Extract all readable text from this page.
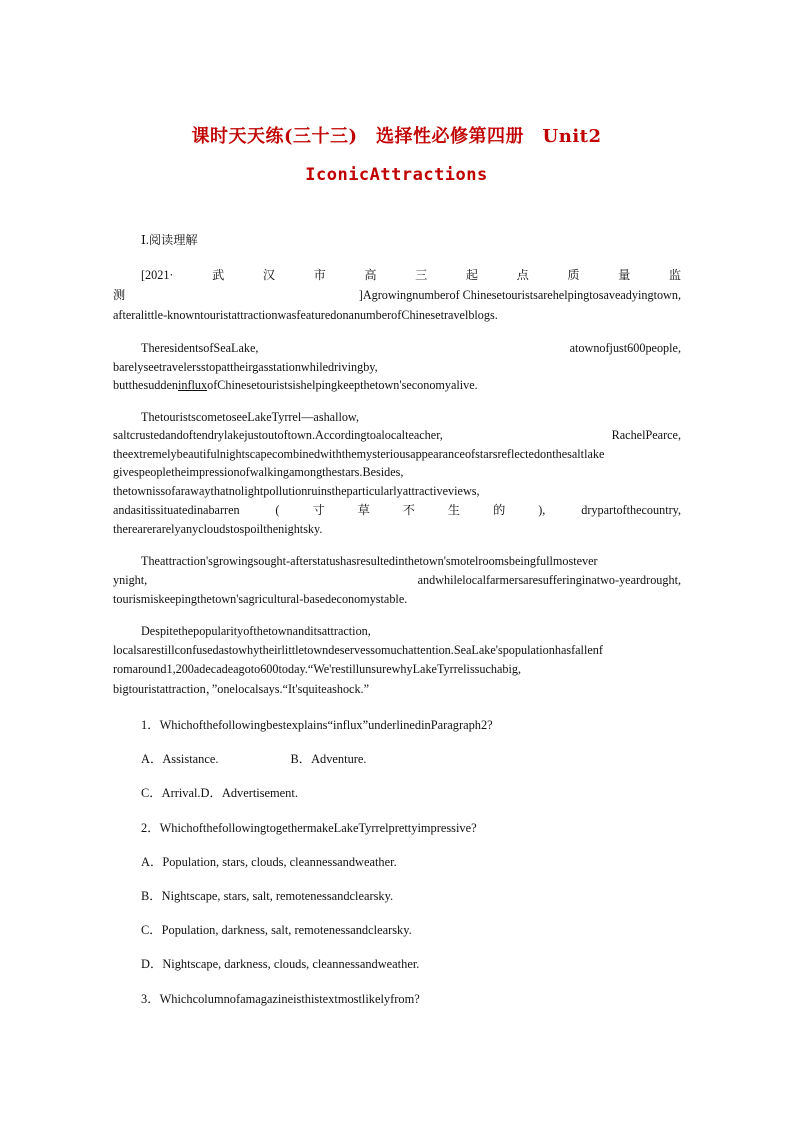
课时天天练(三十三)　选择性必修第四册　Unit2
IconicAttractions
Ⅰ.阅读理解
[2021·	武	汉	市	高	三	起	点	质	量	监
测	]Agrowingnumberof Chinesetouristsarehelpingtosaveadyingtown,
afteralittle-knowntouristattractionwasfeaturedonanumberofChinesetravelblogs.
TheresidentsofSeaLake,	atownofjust600people,
barelyseetravelersstopattheirgasstationwhiledrivingby,
butthesuddeninfluxofChinesetouristsishelpingkeepthetown'seconomyalive.
ThetouristscometoseeLakeTyrrel—ashallow,
saltcrustedandoftendrylakejustoutoftown.Accordingtoalocalteacher,	RachelPearce,
theextremelybeautifulnightscapecombinedwiththemysteriousappearanceofstarsreflectedonthesaltlake
givespeopletheimpressionofwalkingamongthestars.Besides,
thetownissofarawaythatnolightpollutionruinstheparticularlyattractiveviews,
andasitissituatedinabarren	(	寸	草	不	生	的	),	drypartofthecountry,
therearerarelyanycloudstospoilthenightsky.
Theattraction'sgrowingsought-afterstatushasresultedinthetown'smotelroomsbeingfullmostever
ynight,	andwhilelocalfarmersaresufferinginatwo-yeardrought,
tourismiskeepingthetown'sagricultural-basedeconomystable.
Despitethepopularityofthetownanditsattraction,
localsarestillconfusedastowhytheirlittletowndeservessomuchattention.SeaLake'spopulationhasfallenf
romaround1,200adecadeagoto600today.“We'restillunsurewhyLakeTyrrelissuchabig,
bigtouristattraction，”onelocalsays.“It'squiteashock.”
1．Whichofthefollowingbestexplains“influx”underlinedinParagraph2?
A．Assistance.	B．Adventure.
C．Arrival.D．Advertisement.
2．WhichofthefollowingtogethermakeLakeTyrrelprettyimpressive?
A．Population, stars, clouds, cleannessandweather.
B．Nightscape, stars, salt, remotenessandclearsky.
C．Population, darkness, salt, remotenessandclearsky.
D．Nightscape, darkness, clouds, cleannessandweather.
3．Whichcolumnofamagazineisthistextmostlikelyfrom?
